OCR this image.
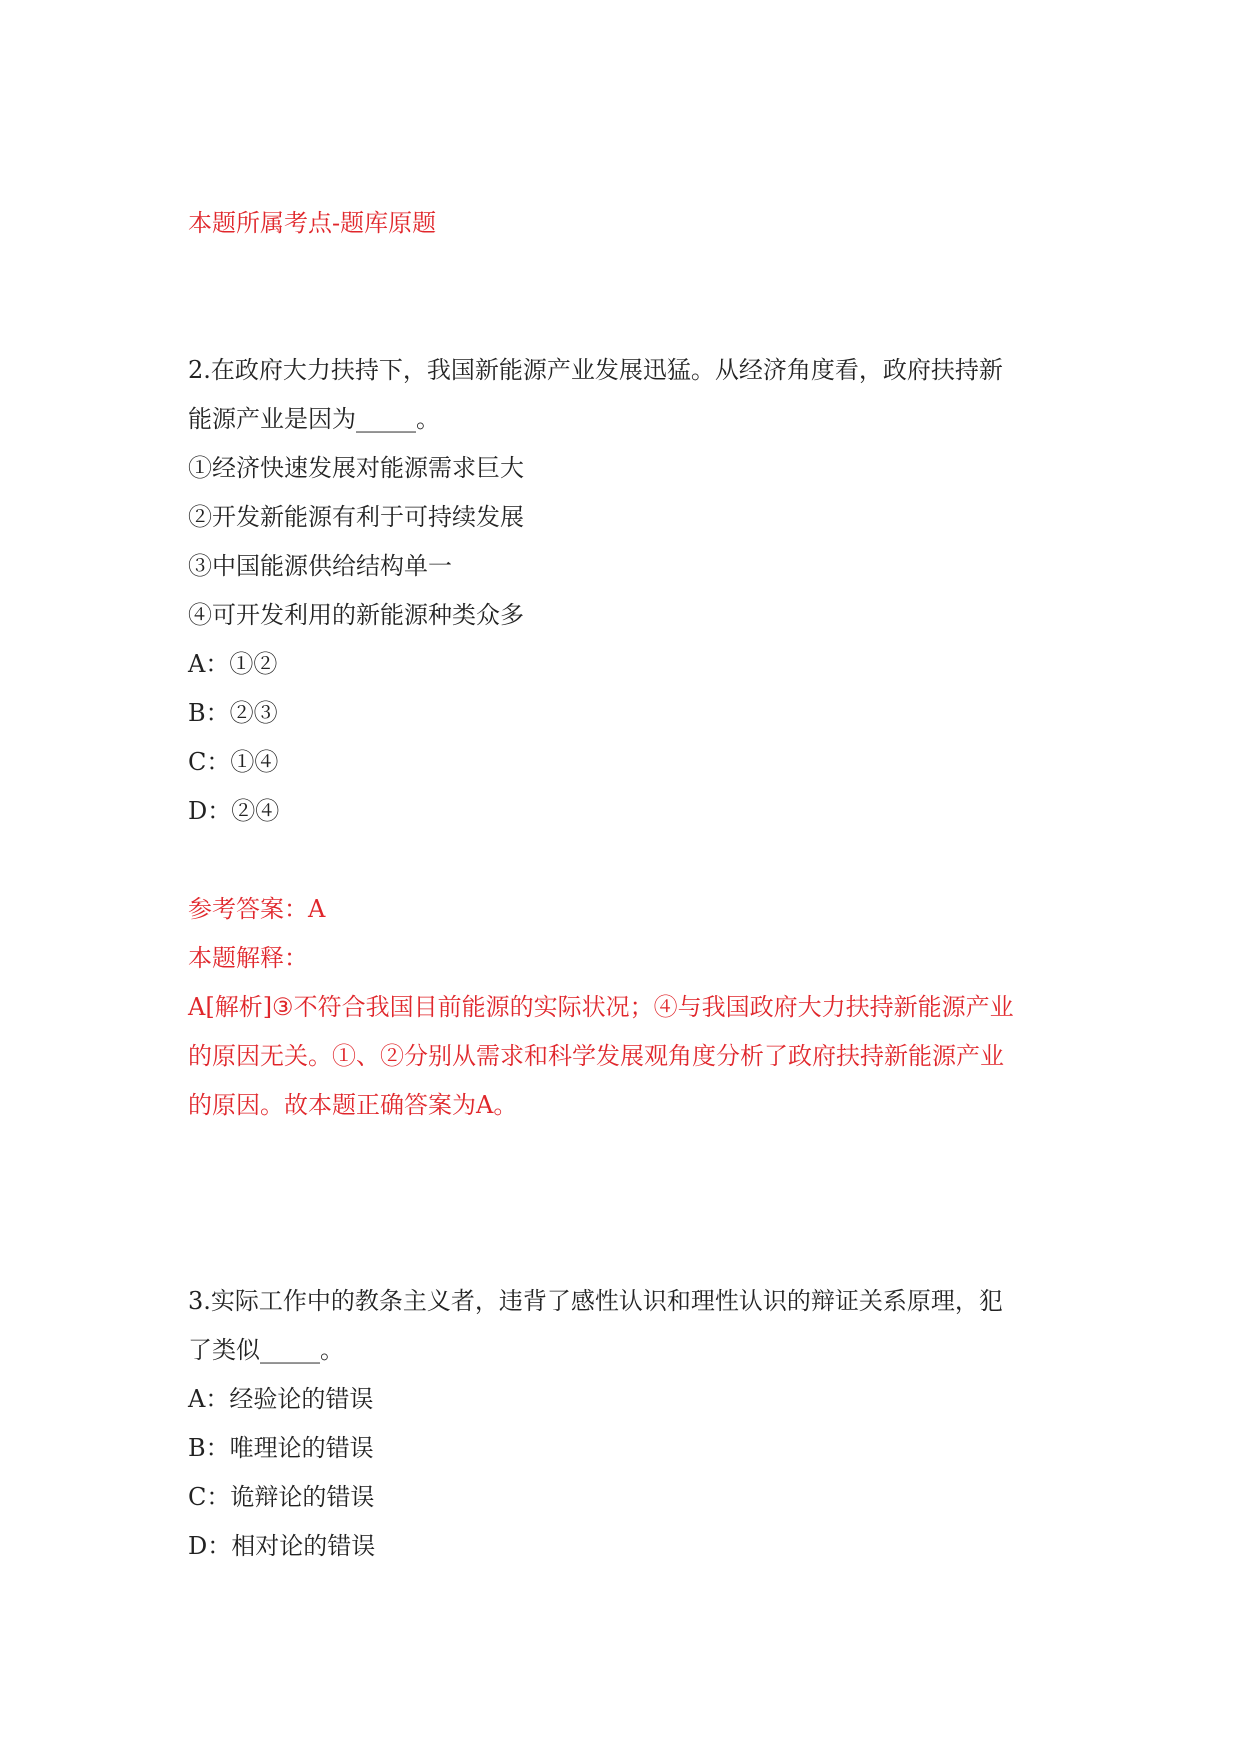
本题所属考点-题库原题
2.在政府大力扶持下，我国新能源产业发展迅猛。从经济角度看，政府扶持新
能源产业是因为_____。
①经济快速发展对能源需求巨大
②开发新能源有利于可持续发展
③中国能源供给结构单一
④可开发利用的新能源种类众多
A：①②
B：②③
C：①④
D：②④
参考答案：A
本题解释：
A[解析]③不符合我国目前能源的实际状况；④与我国政府大力扶持新能源产业
的原因无关。①、②分别从需求和科学发展观角度分析了政府扶持新能源产业
的原因。故本题正确答案为A。
3.实际工作中的教条主义者，违背了感性认识和理性认识的辩证关系原理，犯
了类似_____。
A：经验论的错误
B：唯理论的错误
C：诡辩论的错误
D：相对论的错误
